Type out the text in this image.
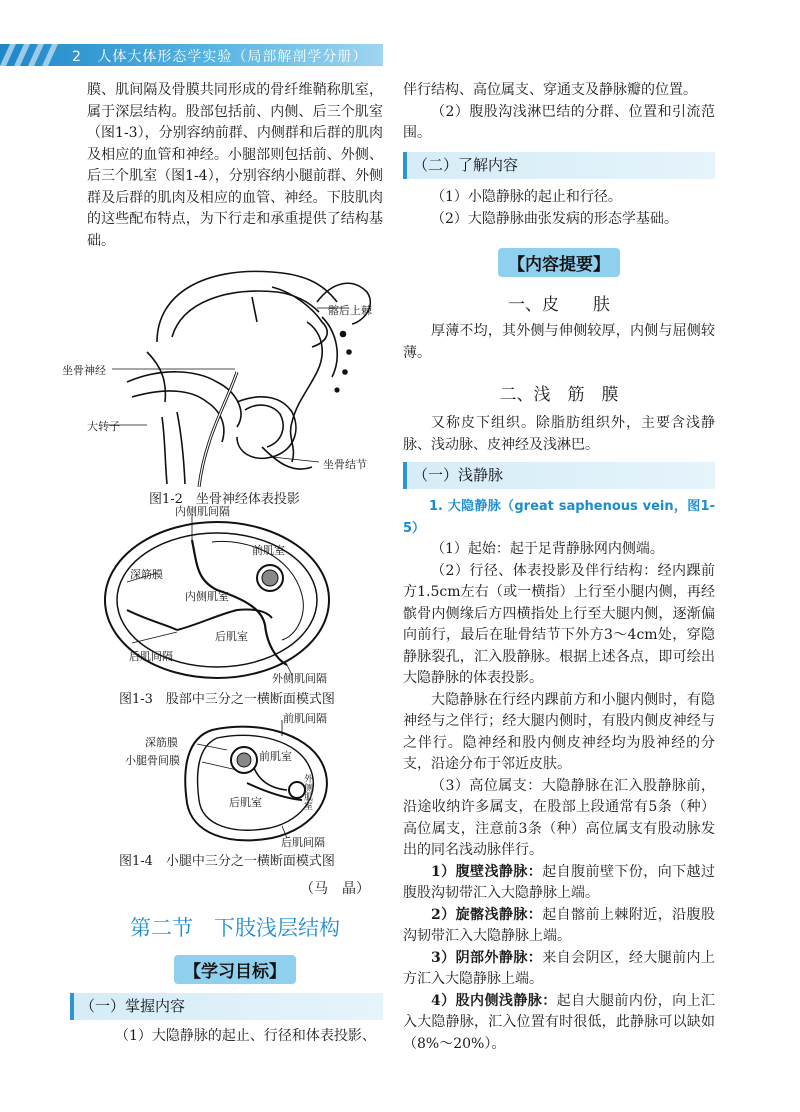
2 人体大体形态学实验（局部解剖学分册）

膜、肌间隔及骨膜共同形成的骨纤维鞘称肌室，属于深层结构。股部包括前、内侧、后三个肌室（图1-3），分别容纳前群、内侧群和后群的肌肉及相应的血管和神经。小腿部则包括前、外侧、后三个肌室（图1-4），分别容纳小腿前群、外侧群及后群的肌肉及相应的血管、神经。下肢肌肉的这些配布特点，为下行走和承重提供了结构基础。

髂后上棘
坐骨神经
大转子
坐骨结节
图1-2　坐骨神经体表投影
内侧肌间隔
深筋膜
前肌室
内侧肌室
后肌室
后肌间隔
外侧肌间隔
图1-3　股部中三分之一横断面模式图
前肌间隔
深筋膜
小腿骨间膜	前肌室
后肌室	外侧肌室
后肌间隔
图1-4　小腿中三分之一横断面模式图
（马　晶）
第二节　下肢浅层结构
【学习目标】
（一）掌握内容

（1）大隐静脉的起止、行径和体表投影、

伴行结构、高位属支、穿通支及静脉瓣的位置。

（2）腹股沟浅淋巴结的分群、位置和引流范围。

（二）了解内容

（1）小隐静脉的起止和行径。

（2）大隐静脉曲张发病的形态学基础。

【内容提要】
一、皮　　肤

厚薄不均，其外侧与伸侧较厚，内侧与屈侧较薄。

二、浅　筋　膜

又称皮下组织。除脂肪组织外，主要含浅静脉、浅动脉、皮神经及浅淋巴。

（一）浅静脉

1. 大隐静脉（great saphenous vein，图1-5）

（1）起始：起于足背静脉网内侧端。

（2）行径、体表投影及伴行结构：经内踝前方1.5cm左右（或一横指）上行至小腿内侧，再经髌骨内侧缘后方四横指处上行至大腿内侧，逐渐偏向前行，最后在耻骨结节下外方3～4cm处，穿隐静脉裂孔，汇入股静脉。根据上述各点，即可绘出大隐静脉的体表投影。

大隐静脉在行经内踝前方和小腿内侧时，有隐神经与之伴行；经大腿内侧时，有股内侧皮神经与之伴行。隐神经和股内侧皮神经均为股神经的分支，沿途分布于邻近皮肤。

（3）高位属支：大隐静脉在汇入股静脉前，沿途收纳许多属支，在股部上段通常有5条（种）高位属支，注意前3条（种）高位属支有股动脉发出的同名浅动脉伴行。

1）腹壁浅静脉：起自腹前壁下份，向下越过腹股沟韧带汇入大隐静脉上端。

2）旋髂浅静脉：起自髂前上棘附近，沿腹股沟韧带汇入大隐静脉上端。

3）阴部外静脉：来自会阴区，经大腿前内上方汇入大隐静脉上端。

4）股内侧浅静脉：起自大腿前内份，向上汇入大隐静脉，汇入位置有时很低，此静脉可以缺如（8%～20%）。
